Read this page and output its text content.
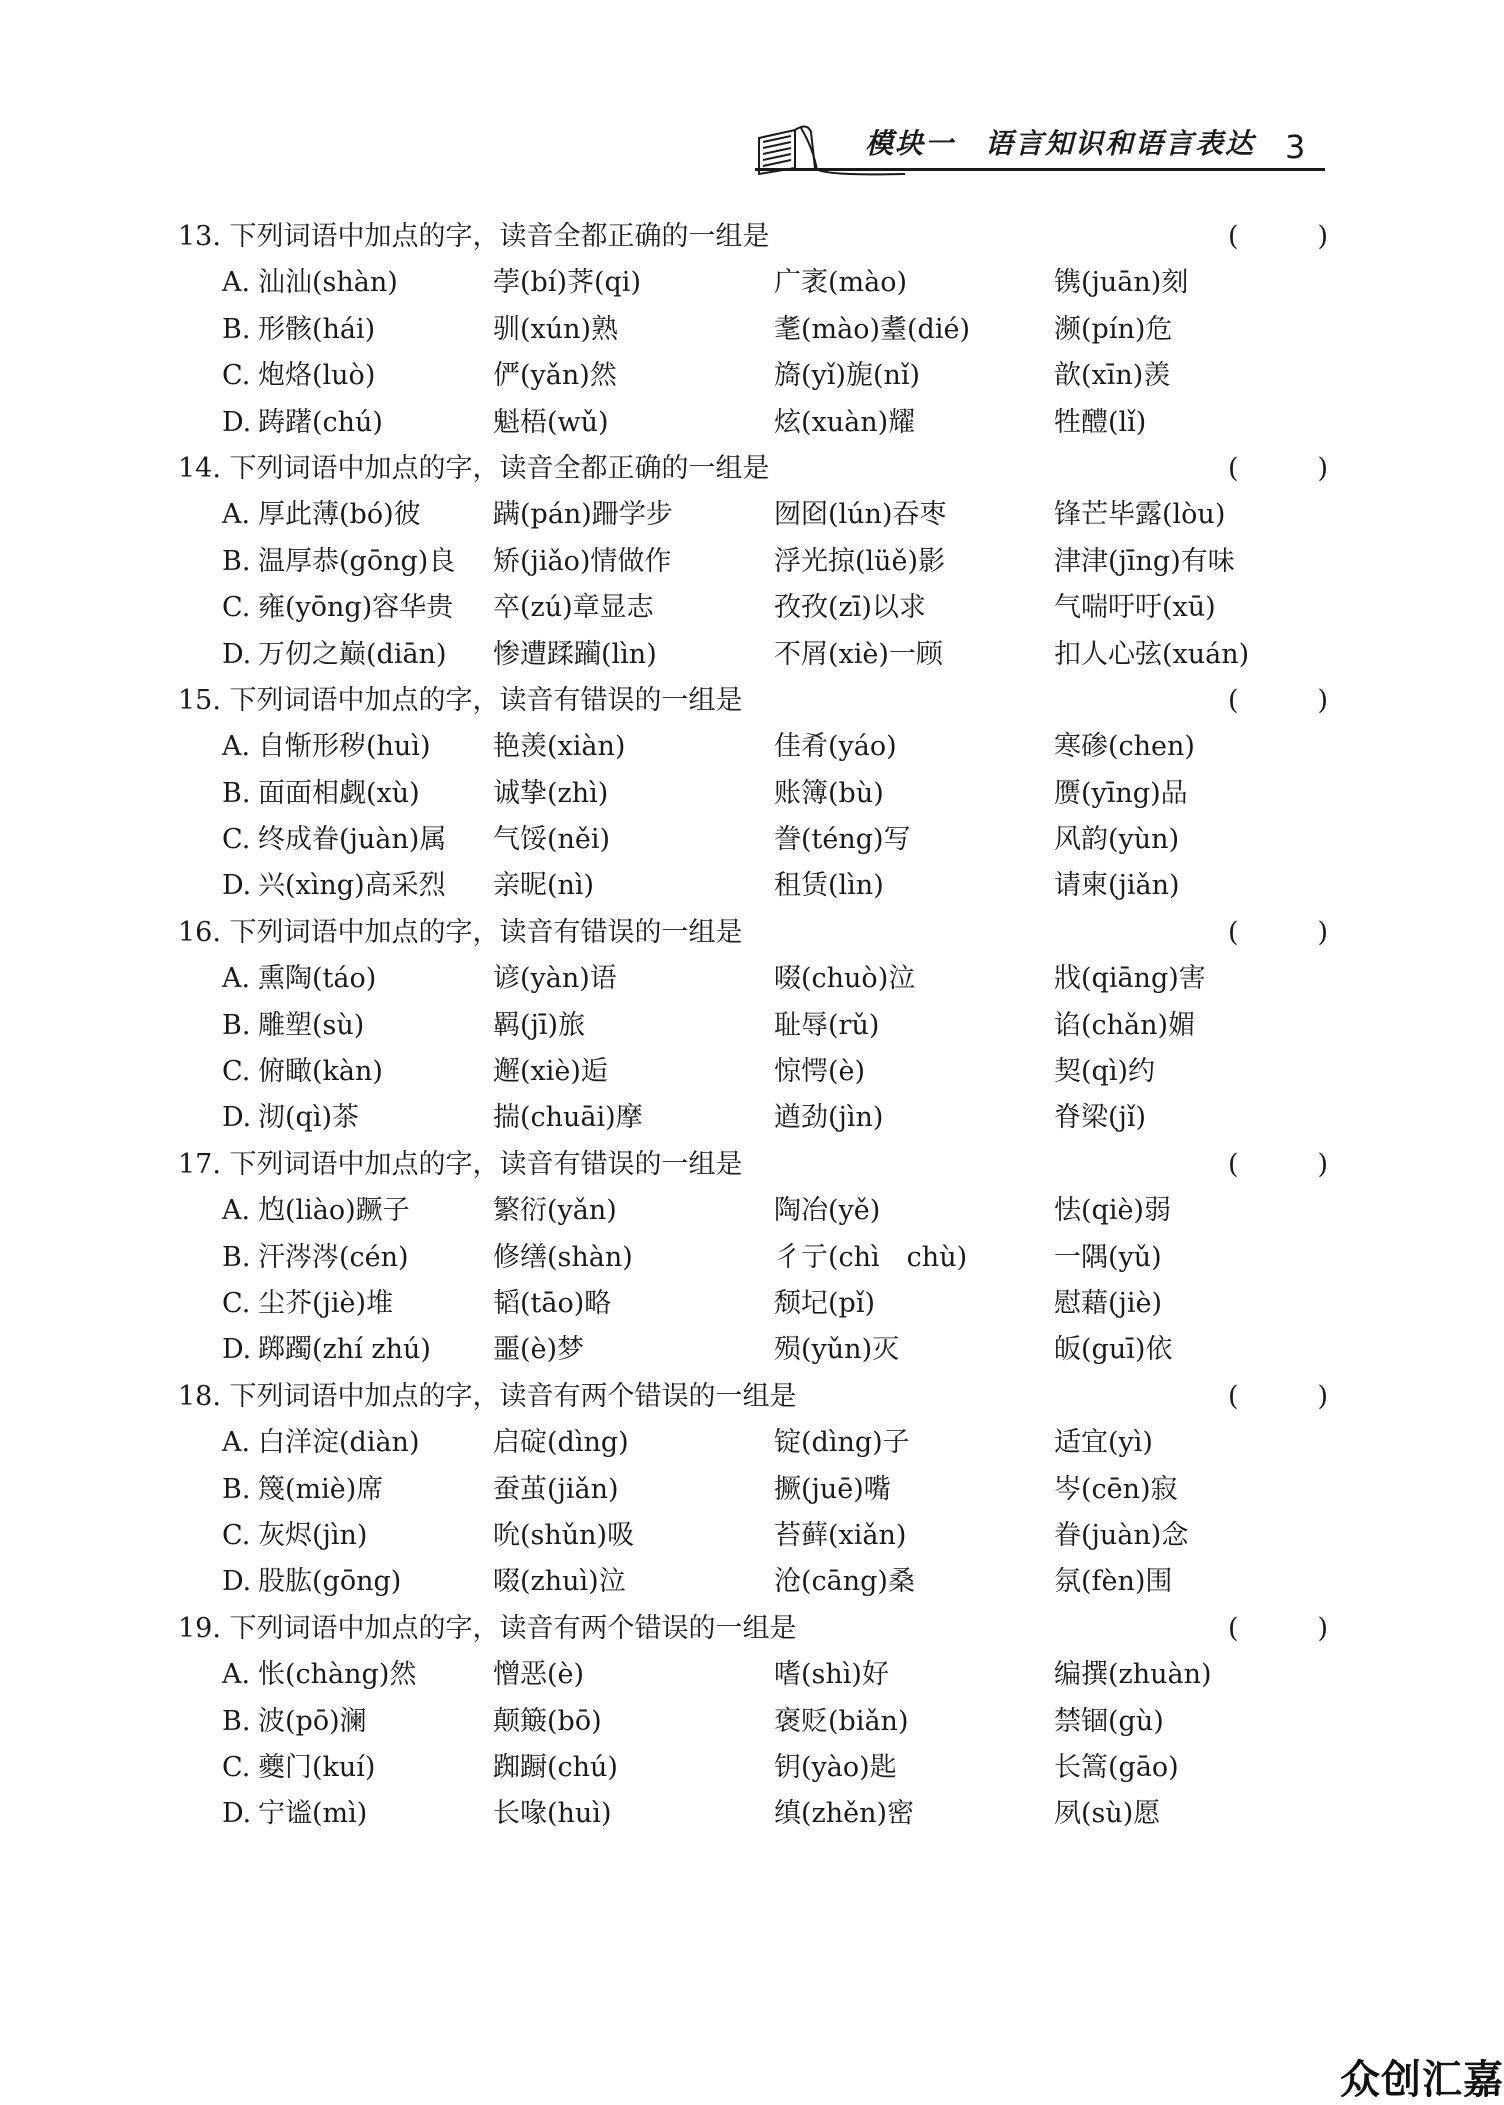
模块一　语言知识和语言表达 3
13. 下列词语中加点的字，读音全都正确的一组是	(	)
A. 汕汕(shàn)	荸(bí)荠(qi)	广袤(mào)	镌(juān)刻
B. 形骸(hái)	驯(xún)熟	耄(mào)耋(dié)	濒(pín)危
C. 炮烙(luò)	俨(yǎn)然	旖(yǐ)旎(nǐ)	歆(xīn)羡
D. 踌躇(chú)	魁梧(wǔ)	炫(xuàn)耀	牲醴(lǐ)
14. 下列词语中加点的字，读音全都正确的一组是	(	)
A. 厚此薄(bó)彼	蹒(pán)跚学步	囫囵(lún)吞枣	锋芒毕露(lòu)
B. 温厚恭(gōng)良 矫(jiǎo)情做作	浮光掠(lüě)影	津津(jīng)有味
C. 雍(yōng)容华贵 卒(zú)章显志	孜孜(zī)以求	气喘吁吁(xū)
D. 万仞之巅(diān) 惨遭蹂躏(lìn)	不屑(xiè)一顾	扣人心弦(xuán)
15. 下列词语中加点的字，读音有错误的一组是	(	)
A. 自惭形秽(huì) 艳羡(xiàn)	佳肴(yáo)	寒碜(chen)
B. 面面相觑(xù)	诚挚(zhì)	账簿(bù)	赝(yīng)品
C. 终成眷(juàn)属 气馁(něi)	誊(téng)写	风韵(yùn)
D. 兴(xìng)高采烈 亲昵(nì)	租赁(lìn)	请柬(jiǎn)
16. 下列词语中加点的字，读音有错误的一组是	(	)
A. 熏陶(táo)	谚(yàn)语	啜(chuò)泣	戕(qiāng)害
B. 雕塑(sù)	羁(jī)旅	耻辱(rǔ)	谄(chǎn)媚
C. 俯瞰(kàn)	邂(xiè)逅	惊愕(è)	契(qì)约
D. 沏(qì)茶	揣(chuāi)摩	遒劲(jìn)	脊梁(jǐ)
17. 下列词语中加点的字，读音有错误的一组是	(	)
A. 尥(liào)蹶子	繁衍(yǎn)	陶冶(yě)	怯(qiè)弱
B. 汗涔涔(cén)	修缮(shàn)	彳亍(chì　chù)	一隅(yǔ)
C. 尘芥(jiè)堆	韬(tāo)略	颓圮(pǐ)	慰藉(jiè)
D. 踯躅(zhí zhú) 噩(è)梦	殒(yǔn)灭	皈(guī)依
18. 下列词语中加点的字，读音有两个错误的一组是	(	)
A. 白洋淀(diàn)	启碇(dìng)	锭(dìng)子	适宜(yì)
B. 篾(miè)席	蚕茧(jiǎn)	撅(juē)嘴	岑(cēn)寂
C. 灰烬(jìn)	吮(shǔn)吸	苔藓(xiǎn)	眷(juàn)念
D. 股肱(gōng)	啜(zhuì)泣	沧(cāng)桑	氛(fèn)围
19. 下列词语中加点的字，读音有两个错误的一组是	(	)
A. 怅(chàng)然	憎恶(è)	嗜(shì)好	编撰(zhuàn)
B. 波(pō)澜	颠簸(bō)	褒贬(biǎn)	禁锢(gù)
C. 夔门(kuí)	踟蹰(chú)	钥(yào)匙	长篙(gāo)
D. 宁谧(mì)	长喙(huì)	缜(zhěn)密	夙(sù)愿
众创汇嘉
